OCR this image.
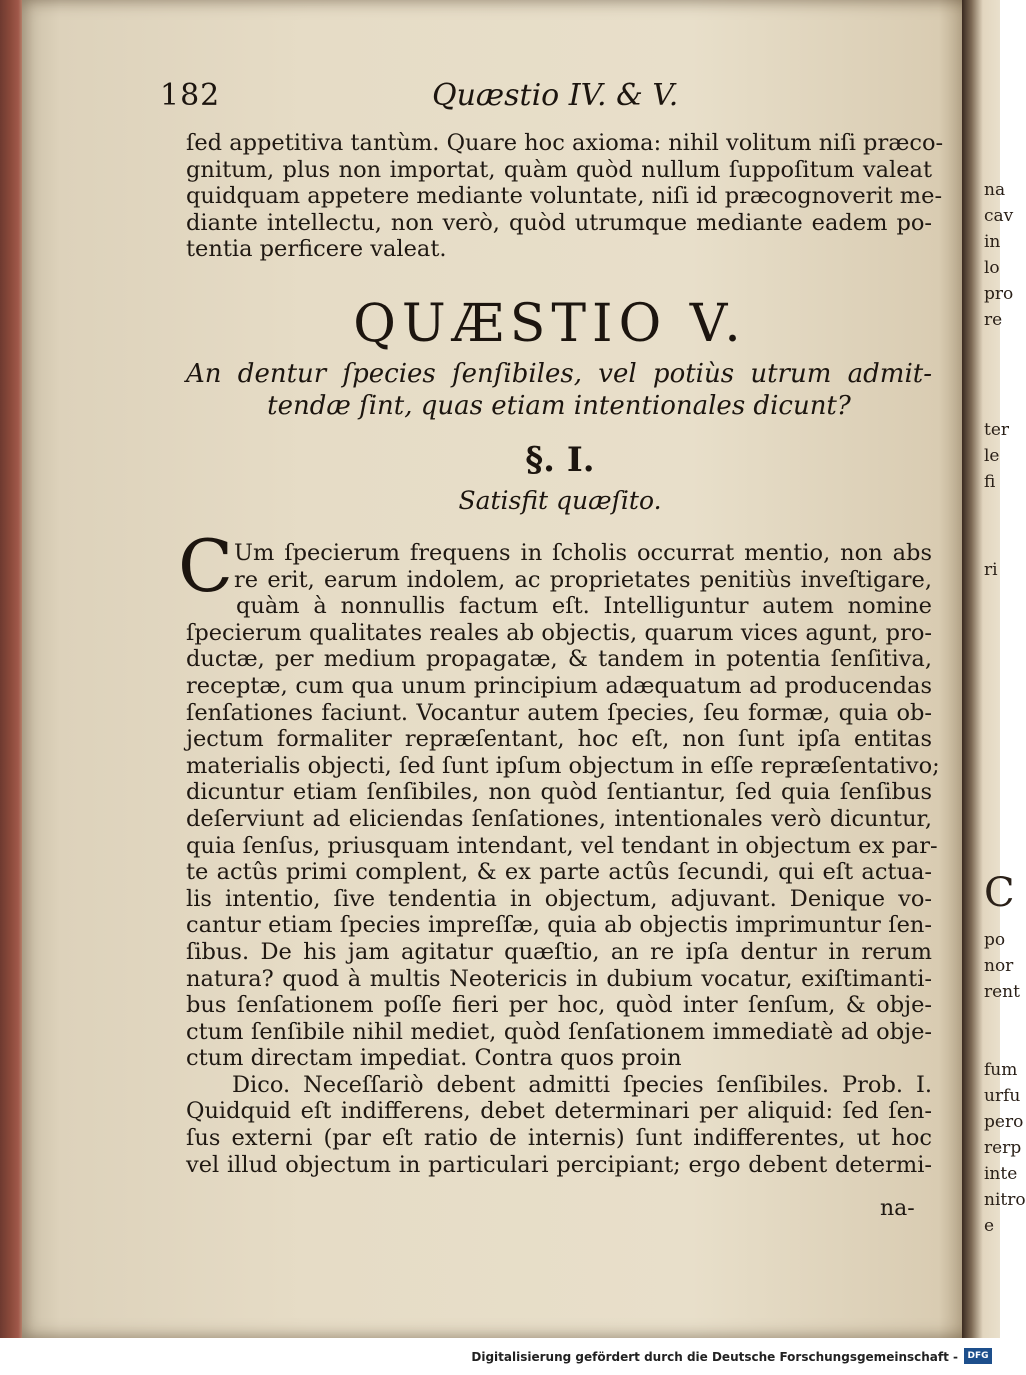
na
cav
in
lo
pro
re
ter
le
fi
ri
C
po
nor
rent
fum
urfu
pero
rerp
inte
nitro
e
182	Quæstio IV. & V.
ſed appetitiva tantùm. Quare hoc axioma: nihil volitum niſi præco-
gnitum, plus non importat, quàm quòd nullum ſuppoſitum valeat
quidquam appetere mediante voluntate, niſi id præcognoverit me-
diante intellectu, non verò, quòd utrumque mediante eadem po-
tentia perficere valeat.
QUÆSTIO V.
An dentur ſpecies ſenſibiles, vel potiùs utrum admit-
tendæ ſint, quas etiam intentionales dicunt?
§. I.
Satisfit quæſito.
C Um ſpecierum frequens in ſcholis occurrat mentio, non abs
re erit, earum indolem, ac proprietates penitiùs inveſtigare,
quàm à nonnullis factum eſt. Intelliguntur autem nomine
ſpecierum qualitates reales ab objectis, quarum vices agunt, pro-
ductæ, per medium propagatæ, & tandem in potentia ſenſitiva,
receptæ, cum qua unum principium adæquatum ad producendas
ſenſationes faciunt. Vocantur autem ſpecies, ſeu formæ, quia ob-
jectum formaliter repræſentant, hoc eſt, non ſunt ipſa entitas
materialis objecti, ſed ſunt ipſum objectum in eſſe repræſentativo;
dicuntur etiam ſenſibiles, non quòd ſentiantur, ſed quia ſenſibus
deſerviunt ad eliciendas ſenſationes, intentionales verò dicuntur,
quia ſenſus, priusquam intendant, vel tendant in objectum ex par-
te actûs primi complent, & ex parte actûs ſecundi, qui eſt actua-
lis intentio, ſive tendentia in objectum, adjuvant. Denique vo-
cantur etiam ſpecies impreſſæ, quia ab objectis imprimuntur ſen-
ſibus. De his jam agitatur quæſtio, an re ipſa dentur in rerum
natura? quod à multis Neotericis in dubium vocatur, exiſtimanti-
bus ſenſationem poſſe fieri per hoc, quòd inter ſenſum, & obje-
ctum ſenſibile nihil mediet, quòd ſenſationem immediatè ad obje-
ctum directam impediat. Contra quos proin
Dico. Neceſſariò debent admitti ſpecies ſenſibiles. Prob. I.
Quidquid eſt indifferens, debet determinari per aliquid: ſed ſen-
ſus externi (par eſt ratio de internis) ſunt indifferentes, ut hoc
vel illud objectum in particulari percipiant; ergo debent determi-
na-
Digitalisierung gefördert durch die Deutsche Forschungsgemeinschaft -	DFG
